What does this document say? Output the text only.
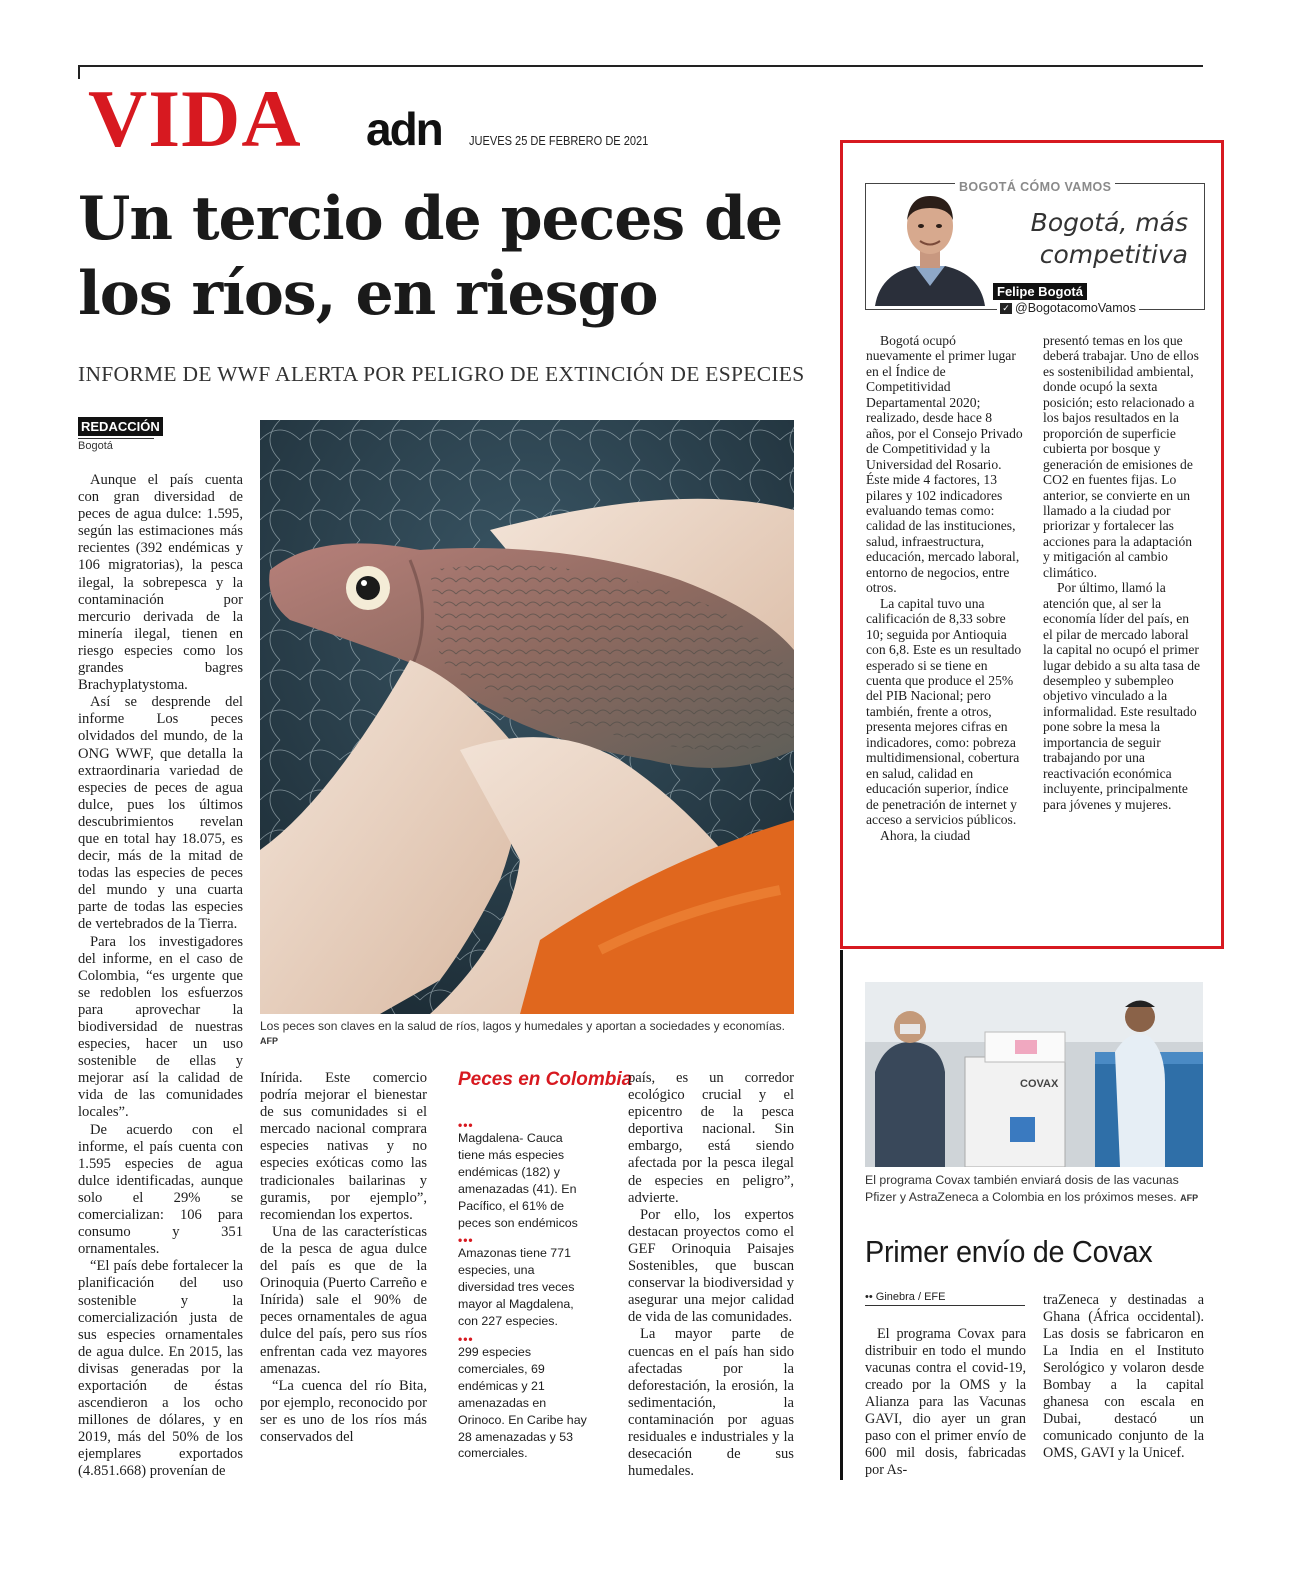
VIDA adn JUEVES 25 DE FEBRERO DE 2021
Un tercio de peces de los ríos, en riesgo
INFORME DE WWF ALERTA POR PELIGRO DE EXTINCIÓN DE ESPECIES
REDACCIÓN
Bogotá

Aunque el país cuenta con gran diversidad de peces de agua dulce: 1.595, según las estimaciones más recientes (392 endémicas y 106 migratorias), la pesca ilegal, la sobrepesca y la contaminación por mercurio derivada de la minería ilegal, tienen en riesgo especies como los grandes bagres Brachyplatystoma.

Así se desprende del informe Los peces olvidados del mundo, de la ONG WWF, que detalla la extraordinaria variedad de especies de peces de agua dulce, pues los últimos descubrimientos revelan que en total hay 18.075, es decir, más de la mitad de todas las especies de peces del mundo y una cuarta parte de todas las especies de vertebrados de la Tierra.

Para los investigadores del informe, en el caso de Colombia, “es urgente que se redoblen los esfuerzos para aprovechar la biodiversidad de nuestras especies, hacer un uso sostenible de ellas y mejorar así la calidad de vida de las comunidades locales”.

De acuerdo con el informe, el país cuenta con 1.595 especies de agua dulce identificadas, aunque solo el 29% se comercializan: 106 para consumo y 351 ornamentales.

“El país debe fortalecer la planificación del uso sostenible y la comercialización justa de sus especies ornamentales de agua dulce. En 2015, las divisas generadas por la exportación de éstas ascendieron a los ocho millones de dólares, y en 2019, más del 50% de los ejemplares exportados (4.851.668) provenían de

Los peces son claves en la salud de ríos, lagos y humedales y aportan a sociedades y economías. AFP

Inírida. Este comercio podría mejorar el bienestar de sus comunidades si el mercado nacional comprara especies nativas y no especies exóticas como las tradicionales bailarinas y guramis, por ejemplo”, recomiendan los expertos.

Una de las características de la pesca de agua dulce del país es que de la Orinoquia (Puerto Carreño e Inírida) sale el 90% de peces ornamentales de agua dulce del país, pero sus ríos enfrentan cada vez mayores amenazas.

“La cuenca del río Bita, por ejemplo, reconocido por ser es uno de los ríos más conservados del

Peces en Colombia
•••
Magdalena- Cauca tiene más especies endémicas (182) y amenazadas (41). En Pacífico, el 61% de peces son endémicos
•••
Amazonas tiene 771 especies, una diversidad tres veces mayor al Magdalena, con 227 especies.
•••
299 especies comerciales, 69 endémicas y 21 amenazadas en Orinoco. En Caribe hay 28 amenazadas y 53 comerciales.

país, es un corredor ecológico crucial y el epicentro de la pesca deportiva nacional. Sin embargo, está siendo afectada por la pesca ilegal de especies en peligro”, advierte.

Por ello, los expertos destacan proyectos como el GEF Orinoquia Paisajes Sostenibles, que buscan conservar la biodiversidad y asegurar una mejor calidad de vida de las comunidades.

La mayor parte de cuencas en el país han sido afectadas por la deforestación, la erosión, la sedimentación, la contaminación por aguas residuales e industriales y la desecación de sus humedales.

BOGOTÁ CÓMO VAMOS
Bogotá, más competitiva
Felipe Bogotá
✓ @BogotacomoVamos

Bogotá ocupó nuevamente el primer lugar en el Índice de Competitividad Departamental 2020; realizado, desde hace 8 años, por el Consejo Privado de Competitividad y la Universidad del Rosario. Éste mide 4 factores, 13 pilares y 102 indicadores evaluando temas como: calidad de las instituciones, salud, infraestructura, educación, mercado laboral, entorno de negocios, entre otros.

La capital tuvo una calificación de 8,33 sobre 10; seguida por Antioquia con 6,8. Este es un resultado esperado si se tiene en cuenta que produce el 25% del PIB Nacional; pero también, frente a otros, presenta mejores cifras en indicadores, como: pobreza multidimensional, cobertura en salud, calidad en educación superior, índice de penetración de internet y acceso a servicios públicos.

Ahora, la ciudad

presentó temas en los que deberá trabajar. Uno de ellos es sostenibilidad ambiental, donde ocupó la sexta posición; esto relacionado a los bajos resultados en la proporción de superficie cubierta por bosque y generación de emisiones de CO2 en fuentes fijas. Lo anterior, se convierte en un llamado a la ciudad por priorizar y fortalecer las acciones para la adaptación y mitigación al cambio climático.

Por último, llamó la atención que, al ser la economía líder del país, en el pilar de mercado laboral la capital no ocupó el primer lugar debido a su alta tasa de desempleo y subempleo objetivo vinculado a la informalidad. Este resultado pone sobre la mesa la importancia de seguir trabajando por una reactivación económica incluyente, principalmente para jóvenes y mujeres.

COVAX
El programa Covax también enviará dosis de las vacunas Pfizer y AstraZeneca a Colombia en los próximos meses. AFP
Primer envío de Covax
•• Ginebra / EFE

El programa Covax para distribuir en todo el mundo vacunas contra el covid-19, creado por la OMS y la Alianza para las Vacunas GAVI, dio ayer un gran paso con el primer envío de 600 mil dosis, fabricadas por As-

traZeneca y destinadas a Ghana (África occidental). Las dosis se fabricaron en La India en el Instituto Serológico y volaron desde Bombay a la capital ghanesa con escala en Dubai, destacó un comunicado conjunto de la OMS, GAVI y la Unicef.
